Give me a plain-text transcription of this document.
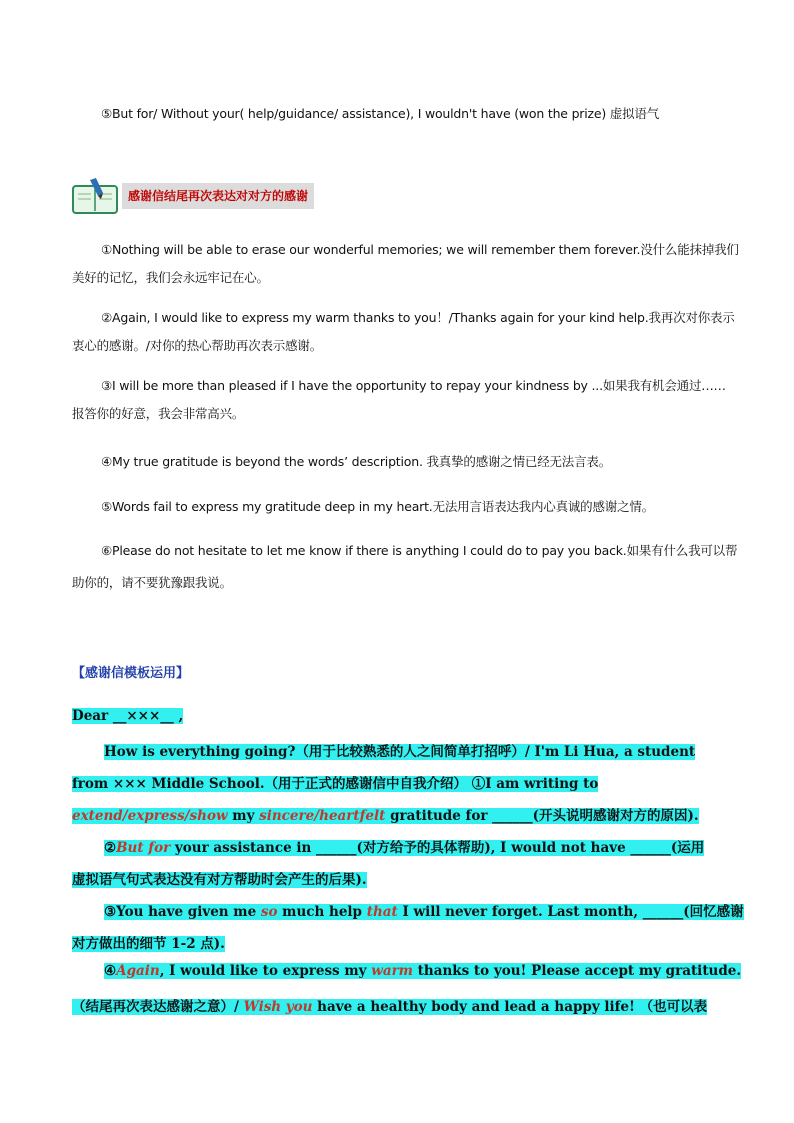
⑤But for/ Without your( help/guidance/ assistance), I wouldn't have (won the prize) 虚拟语气
感谢信结尾再次表达对对方的感谢
①Nothing will be able to erase our wonderful memories; we will remember them forever.没什么能抹掉我们
美好的记忆，我们会永远牢记在心。
②Again, I would like to express my warm thanks to you！/Thanks again for your kind help.我再次对你表示
衷心的感谢。/对你的热心帮助再次表示感谢。
③I will be more than pleased if I have the opportunity to repay your kindness by ...如果我有机会通过……
报答你的好意，我会非常高兴。
④My true gratitude is beyond the words’ description. 我真挚的感谢之情已经无法言表。
⑤Words fail to express my gratitude deep in my heart.无法用言语表达我内心真诚的感谢之情。
⑥Please do not hesitate to let me know if there is anything I could do to pay you back.如果有什么我可以帮
助你的，请不要犹豫跟我说。
【感谢信模板运用】
Dear __×××__ ,
How is everything going?（用于比较熟悉的人之间简单打招呼）/ I'm Li Hua, a student
from ××× Middle School.（用于正式的感谢信中自我介绍） ①I am writing to
extend/express/show my sincere/heartfelt gratitude for ______(开头说明感谢对方的原因).
②But for your assistance in ______(对方给予的具体帮助), I would not have ______(运用
虚拟语气句式表达没有对方帮助时会产生的后果).
③You have given me so much help that I will never forget. Last month, ______(回忆感谢
对方做出的细节 1-2 点).
④Again, I would like to express my warm thanks to you! Please accept my gratitude.
（结尾再次表达感谢之意）/ Wish you have a healthy body and lead a happy life! （也可以表
